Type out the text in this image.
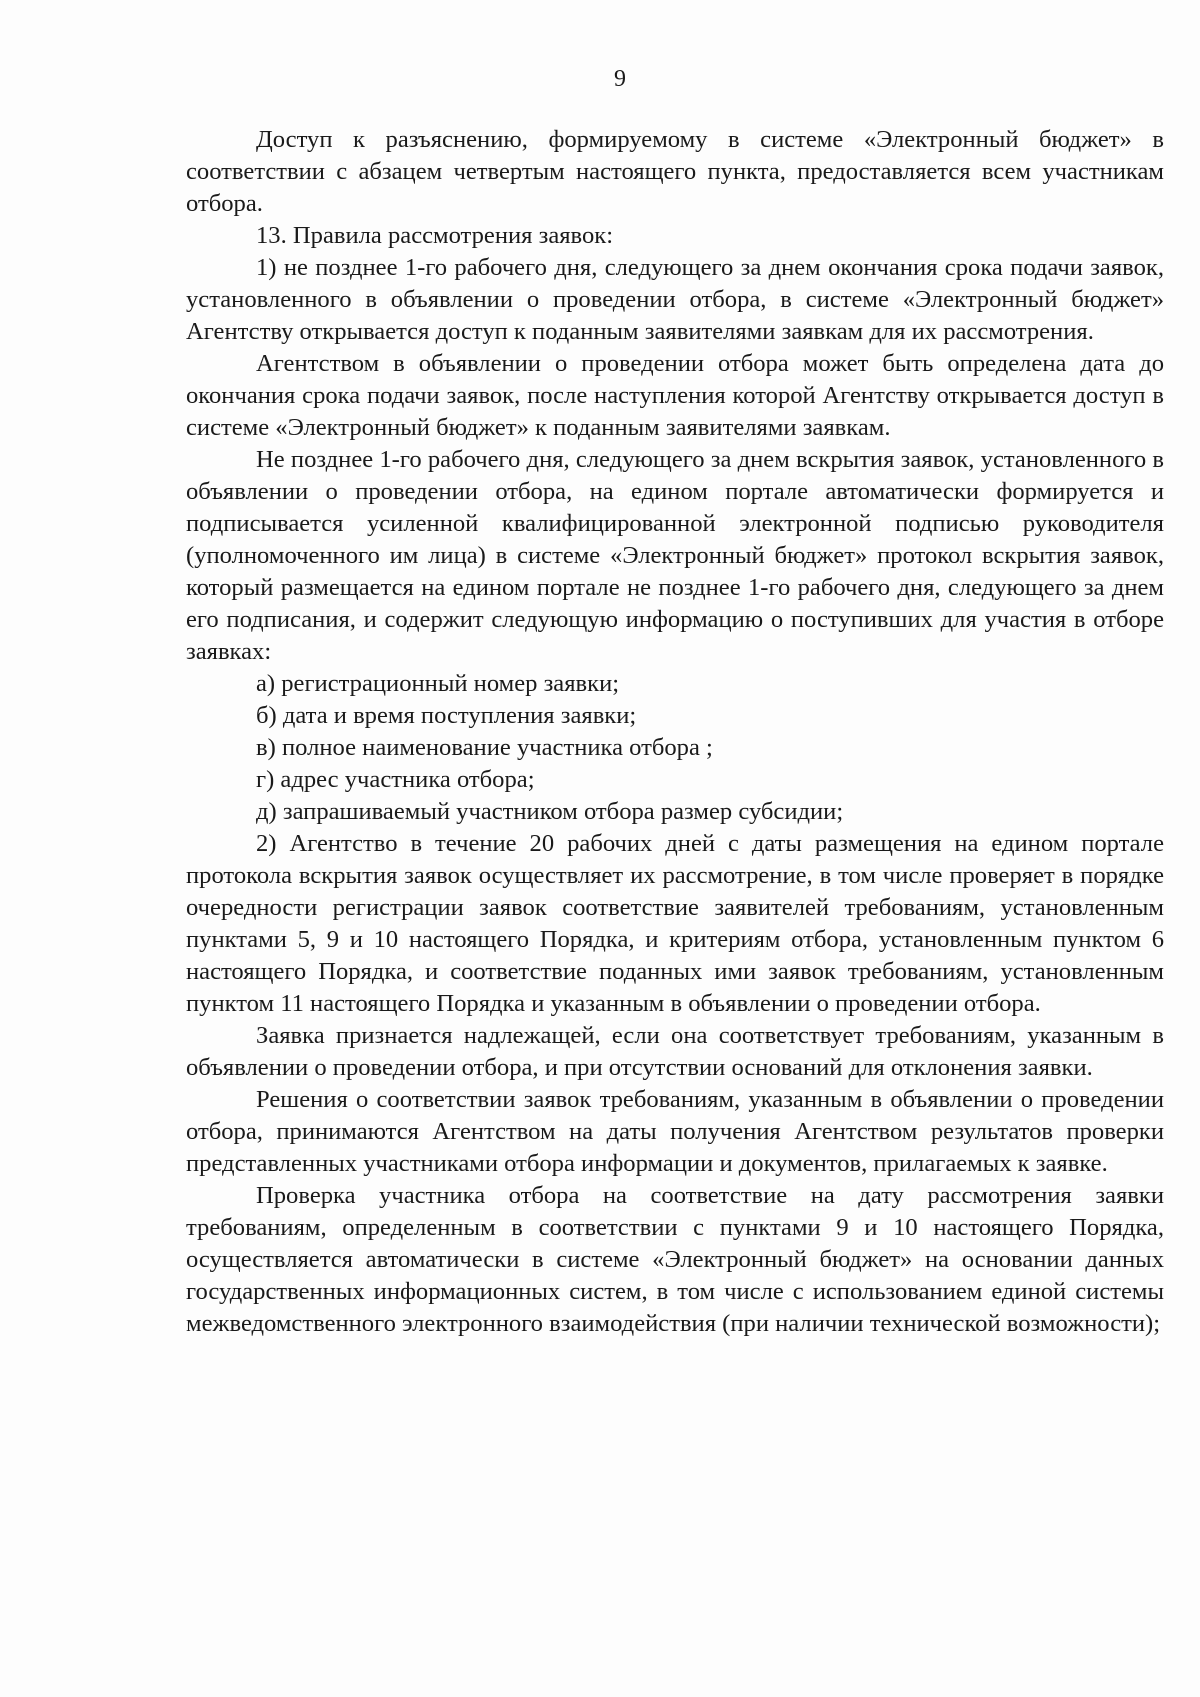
9

Доступ к разъяснению, формируемому в системе «Электронный бюджет» в соответствии с абзацем четвертым настоящего пункта, предоставляется всем участникам отбора.

13. Правила рассмотрения заявок:

1) не позднее 1-го рабочего дня, следующего за днем окончания срока подачи заявок, установленного в объявлении о проведении отбора, в системе «Электронный бюджет» Агентству открывается доступ к поданным заявителями заявкам для их рассмотрения.

Агентством в объявлении о проведении отбора может быть определена дата до окончания срока подачи заявок, после наступления которой Агентству открывается доступ в системе «Электронный бюджет» к поданным заявителями заявкам.

Не позднее 1-го рабочего дня, следующего за днем вскрытия заявок, установленного в объявлении о проведении отбора, на едином портале автоматически формируется и подписывается усиленной квалифицированной электронной подписью руководителя (уполномоченного им лица) в системе «Электронный бюджет» протокол вскрытия заявок, который размещается на едином портале не позднее 1-го рабочего дня, следующего за днем его подписания, и содержит следующую информацию о поступивших для участия в отборе заявках:

а) регистрационный номер заявки;

б) дата и время поступления заявки;

в) полное наименование участника отбора ;

г) адрес участника отбора;

д) запрашиваемый участником отбора размер субсидии;

2) Агентство в течение 20 рабочих дней с даты размещения на едином портале протокола вскрытия заявок осуществляет их рассмотрение, в том числе проверяет в порядке очередности регистрации заявок соответствие заявителей требованиям, установленным пунктами 5, 9 и 10 настоящего Порядка, и критериям отбора, установленным пунктом 6 настоящего Порядка, и соответствие поданных ими заявок требованиям, установленным пунктом 11 настоящего Порядка и указанным в объявлении о проведении отбора.

Заявка признается надлежащей, если она соответствует требованиям, указанным в объявлении о проведении отбора, и при отсутствии оснований для отклонения заявки.

Решения о соответствии заявок требованиям, указанным в объявлении о проведении отбора, принимаются Агентством на даты получения Агентством результатов проверки представленных участниками отбора информации и документов, прилагаемых к заявке.

Проверка участника отбора на соответствие на дату рассмотрения заявки требованиям, определенным в соответствии с пунктами 9 и 10 настоящего Порядка, осуществляется автоматически в системе «Электронный бюджет» на основании данных государственных информационных систем, в том числе с использованием единой системы межведомственного электронного взаимодействия (при наличии технической возможности);
